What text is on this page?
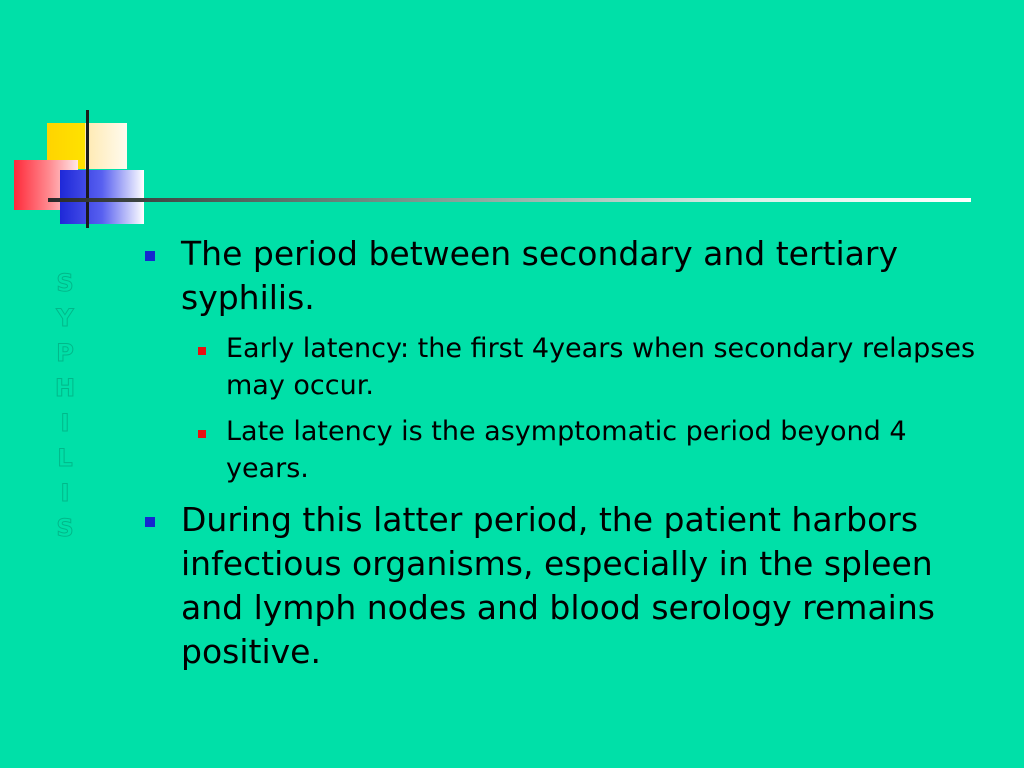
S
Y
P
H
I
L
I
S
The period between secondary and tertiary syphilis.
Early latency: the first 4years when secondary relapses may occur.
Late latency is the asymptomatic period beyond 4 years.
During this latter period, the patient harbors infectious organisms, especially in the spleen and lymph nodes and blood serology remains positive.
